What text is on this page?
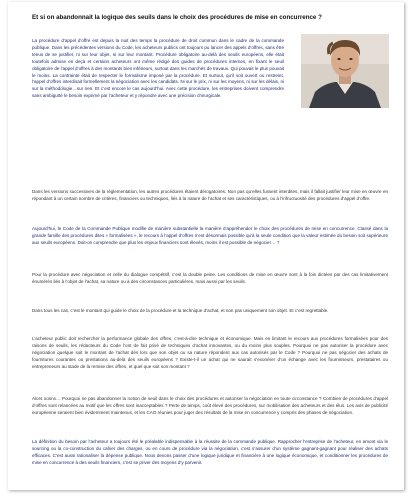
Et si on abandonnait la logique des seuils dans le choix des procédures de mise en concurrence ?

La procédure d’appel d’offre est depuis la nuit des temps la procédure de droit commun dans le cadre de la commande publique. Dans les précédentes versions du Code, les acheteurs publics ont toujours pu lancer des appels d’offres, sans être tenus de se justifier, ni sur leur objet, ni sur leur montant. Procédure obligatoire au-delà des seuils européens, elle était toutefois admise en deçà et certains acheteurs ont même rédigé des guides de procédures internes, en fixant le seuil obligatoire de l’appel d’offres à des montants bien inférieurs, surtout dans les marchés de travaux. Qui pouvait le plus pouvait le moins. La contrainte était de respecter le formalisme imposé par la procédure. Et surtout, qu’il soit ouvert ou restreint, l’appel d’offres interdisait formellement la négociation avec les candidats. Ni sur le prix, ni sur les moyens, ni sur les délais, ni sur la méthodologie…sur rien. Et c’est encore le cas aujourd’hui. Avec cette procédure, les entreprises doivent comprendre sans ambiguïté le besoin exprimé par l’acheteur et y répondre avec une précision chirurgicale.

Dans les versions successives de la réglementation, les autres procédures étaient dérogatoires. Non pas qu’elles fussent interdites, mais il fallait justifier leur mise en œuvre en répondant à un certain nombre de critères, financiers ou techniques, liés à la nature de l’achat et ses caractéristiques, ou à l’infructuosité des procédures d’appel d’offre.

Aujourd’hui, le Code de la Commande Publique modifie de manière substantielle la manière d’appréhender le choix des procédures de mise en concurrence. Classé dans la grande famille des procédures dites « formalisées », le recours à l’appel d’offres n’est désormais possible qu’à la seule condition que la valeur estimée du besoin soit supérieure aux seuils européens. Doit-on comprendre que plus les enjeux financiers sont élevés, moins il est possible de négocier… ?

Pour la procédure avec négociation et celle du dialogue compétitif, c’est la double peine. Les conditions de mise en œuvre sont à la fois dictées par des cas limitativement énumérés liés à l’objet de l’achat, sa nature ou à des circonstances particulières, mais aussi par les seuils.

Dans tous les cas, c’est le montant qui guide le choix de la procédure et la technique d’achat, et non pas uniquement son objet. Et c’est regrettable.

L’acheteur public doit rechercher la performance globale des offres, c’est-à-dire technique et économique. Mais en limitant le recours aux procédures formalisées pour des raisons de seuils, les rédacteurs du Code l’ont de fait privé de techniques d’achat innovantes, ou du moins plus souples. Pourquoi ne pas autoriser la procédure avec négociation quelque soit le montant de l’achat dès lors que son objet ou sa nature répondent aux cas autorisés par le Code ? Pourquoi ne pas négocier des achats de fournitures courantes ou prestations au-delà des seuils européens ? Existe-t-il un achat qui ne saurait s’exonérer d’un échange avec les fournisseurs, prestataires ou entrepreneurs au stade de la remise des offres, et quel que soit son montant ?

Alors oosns… Pourquoi ne pas abandonner la notion de seuil dans le choix des procédures et autoriser la négociation en toute circonstance ? Combien de procédures d’appel d’offres sont relancées au motif que les offres sont inacceptables ? Perte de temps, coût élevé des procédures, sur mobilisation des acheteurs et des élus. Les avis de publicité européenne seraient bien évidemment maintenus, et les CAO réunies pour juger des résultats de la mise en concurrence y compris des phases de négociation.

La définition du besoin par l’acheteur a toujours été le préalable indispensable à la réussite de la commande publique. Rapprocher l’entreprise de l’acheteur, en amont via le sourcing ou la co-construction du cahier des charges, ou en cours de procédure via la négociation, c’est s’assurer d’un système gagnant-gagnant pour réaliser des achats efficaces. C’est aussi rationaliser la dépense publique. Nous devons passer d’une logique juridique et financière à une logique économique, et conditionner les procédures de mise en concurrence à des seuils financiers, c’est se priver des moyens d’y parvenir.
